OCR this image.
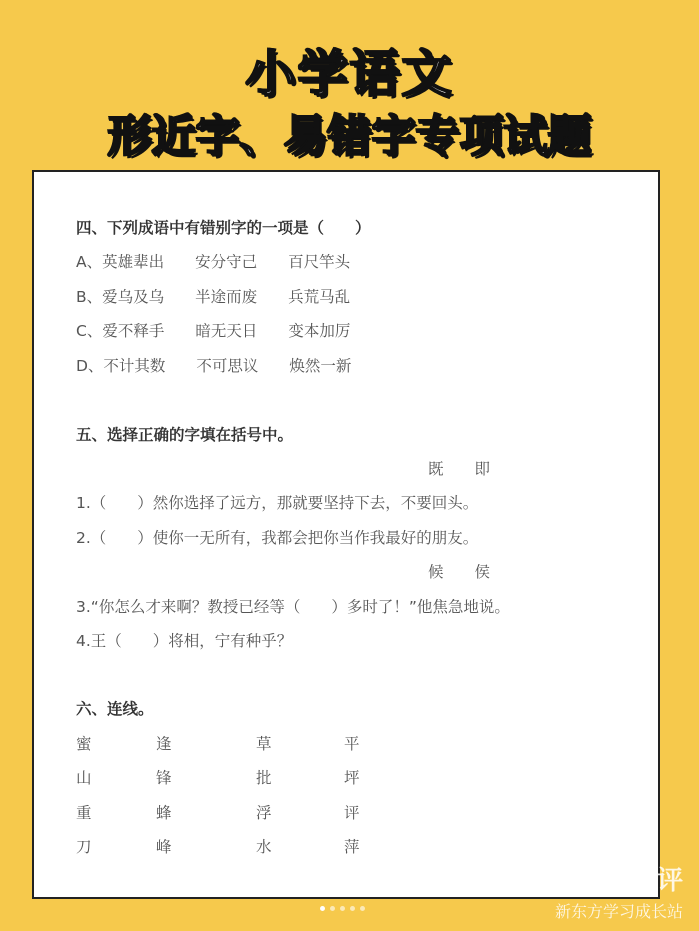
小学语文
形近字、易错字专项试题
四、下列成语中有错别字的一项是（　　）
A、英雄辈出　　安分守己　　百尺竿头
B、爱乌及乌　　半途而废　　兵荒马乱
C、爱不释手　　暗无天日　　变本加厉
D、不计其数　　不可思议　　焕然一新
五、选择正确的字填在括号中。
既　　即
1.（　　）然你选择了远方，那就要坚持下去，不要回头。
2.（　　）使你一无所有，我都会把你当作我最好的朋友。
候　　侯
3.“你怎么才来啊？教授已经等（　　）多时了！”他焦急地说。
4.王（　　）将相，宁有种乎？
六、连线。
蜜	逢	草	平
山	锋	批	坪
重	蜂	浮	评
刀	峰	水	萍
大众点评
新东方学习成长站
